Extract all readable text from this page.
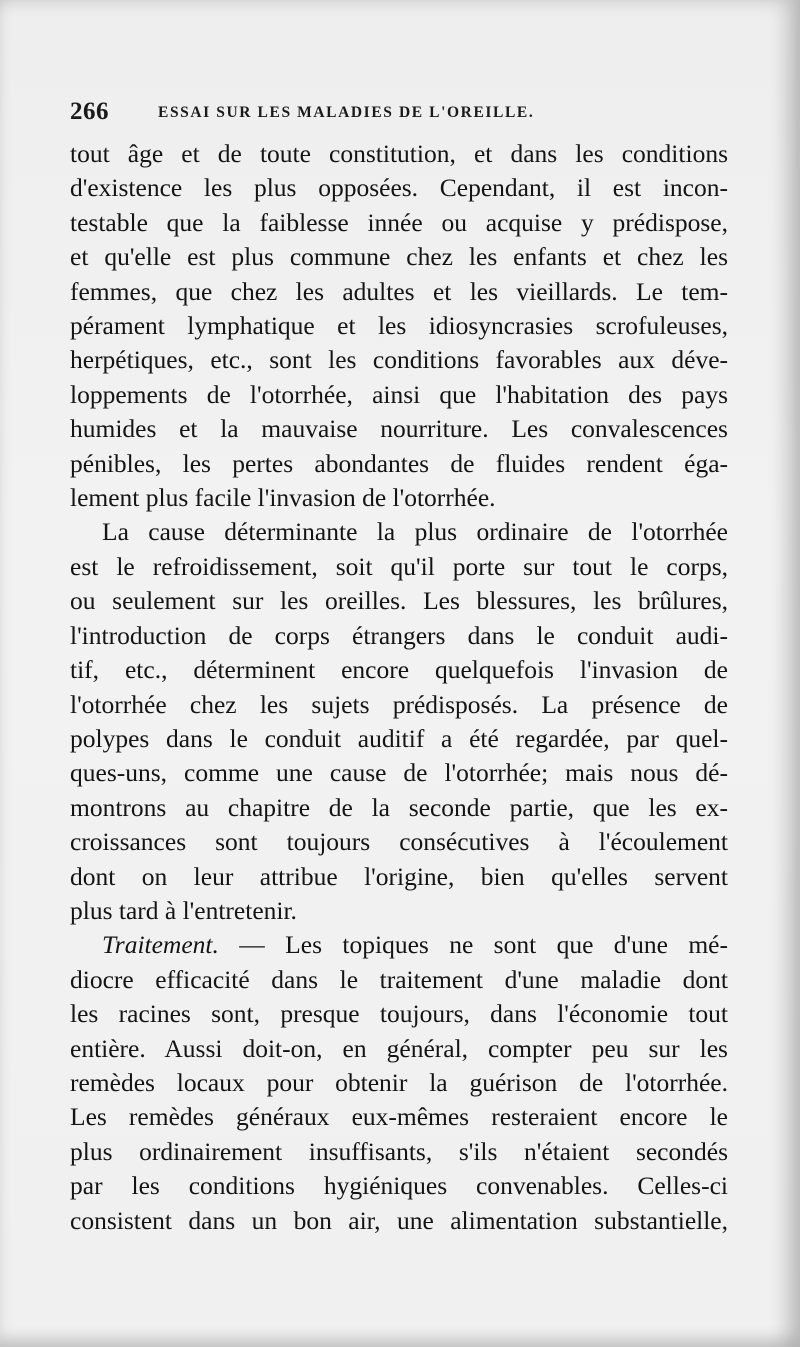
266	ESSAI SUR LES MALADIES DE L'OREILLE.

tout âge et de toute constitution, et dans les conditions
d'existence les plus opposées. Cependant, il est incon-
testable que la faiblesse innée ou acquise y prédispose,
et qu'elle est plus commune chez les enfants et chez les
femmes, que chez les adultes et les vieillards. Le tem-
pérament lymphatique et les idiosyncrasies scrofuleuses,
herpétiques, etc., sont les conditions favorables aux déve-
loppements de l'otorrhée, ainsi que l'habitation des pays
humides et la mauvaise nourriture. Les convalescences
pénibles, les pertes abondantes de fluides rendent éga-
lement plus facile l'invasion de l'otorrhée.

La cause déterminante la plus ordinaire de l'otorrhée
est le refroidissement, soit qu'il porte sur tout le corps,
ou seulement sur les oreilles. Les blessures, les brûlures,
l'introduction de corps étrangers dans le conduit audi-
tif, etc., déterminent encore quelquefois l'invasion de
l'otorrhée chez les sujets prédisposés. La présence de
polypes dans le conduit auditif a été regardée, par quel-
ques-uns, comme une cause de l'otorrhée; mais nous dé-
montrons au chapitre de la seconde partie, que les ex-
croissances sont toujours consécutives à l'écoulement
dont on leur attribue l'origine, bien qu'elles servent
plus tard à l'entretenir.

Traitement. — Les topiques ne sont que d'une mé-
diocre efficacité dans le traitement d'une maladie dont
les racines sont, presque toujours, dans l'économie tout
entière. Aussi doit-on, en général, compter peu sur les
remèdes locaux pour obtenir la guérison de l'otorrhée.
Les remèdes généraux eux-mêmes resteraient encore le
plus ordinairement insuffisants, s'ils n'étaient secondés
par les conditions hygiéniques convenables. Celles-ci
consistent dans un bon air, une alimentation substantielle,
